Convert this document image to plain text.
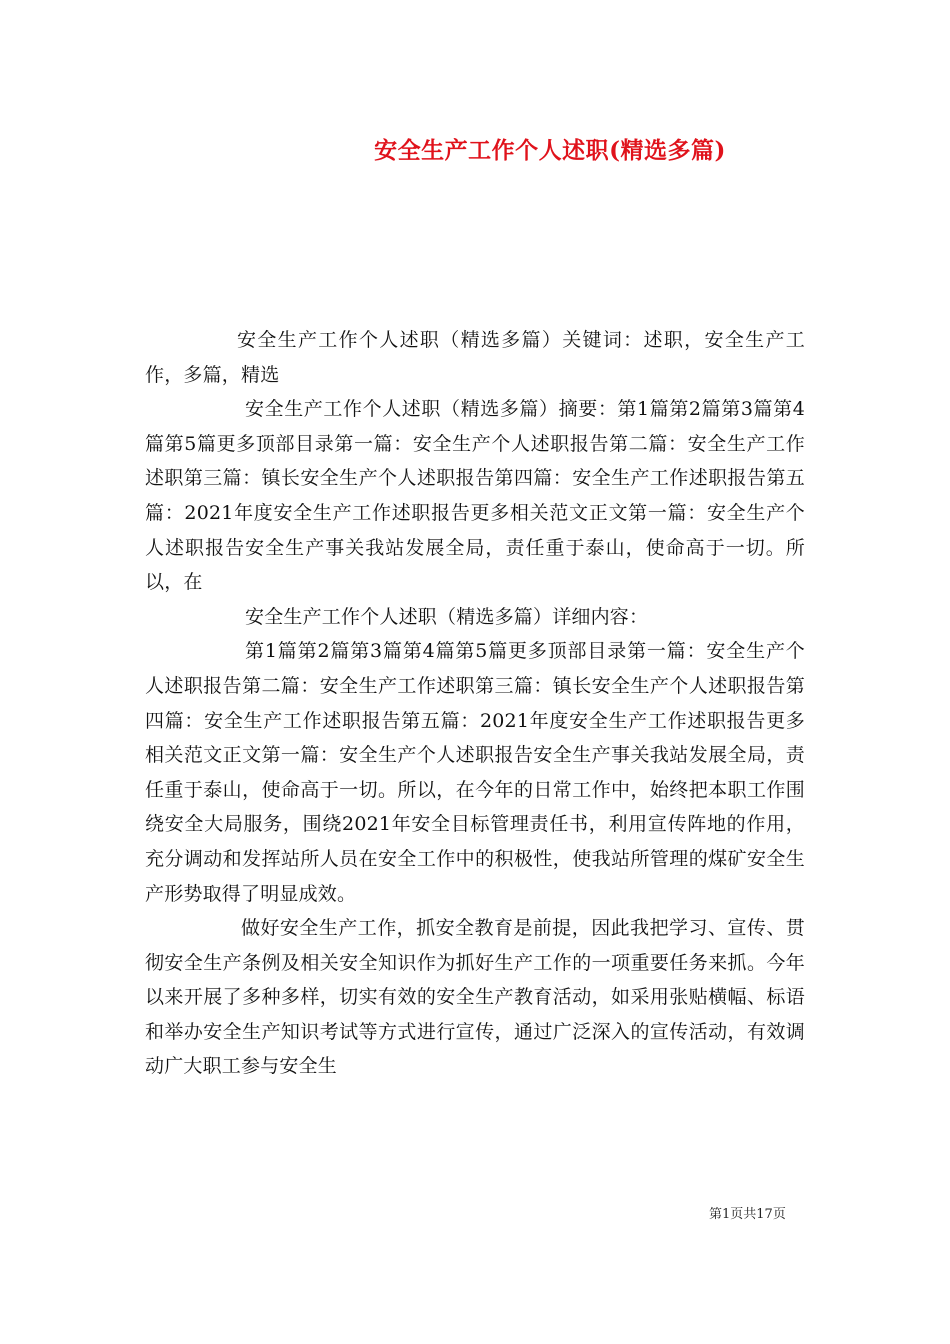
安全生产工作个人述职(精选多篇)

安全生产工作个人述职（精选多篇）关键词：述职，安全生产工作，多篇，精选

安全生产工作个人述职（精选多篇）摘要：第1篇第2篇第3篇第4篇第5篇更多顶部目录第一篇：安全生产个人述职报告第二篇：安全生产工作述职第三篇：镇长安全生产个人述职报告第四篇：安全生产工作述职报告第五篇：2021年度安全生产工作述职报告更多相关范文正文第一篇：安全生产个人述职报告安全生产事关我站发展全局，责任重于泰山，使命高于一切。所以，在

安全生产工作个人述职（精选多篇）详细内容：

第1篇第2篇第3篇第4篇第5篇更多顶部目录第一篇：安全生产个人述职报告第二篇：安全生产工作述职第三篇：镇长安全生产个人述职报告第四篇：安全生产工作述职报告第五篇：2021年度安全生产工作述职报告更多相关范文正文第一篇：安全生产个人述职报告安全生产事关我站发展全局，责任重于泰山，使命高于一切。所以，在今年的日常工作中，始终把本职工作围绕安全大局服务，围绕2021年安全目标管理责任书，利用宣传阵地的作用，充分调动和发挥站所人员在安全工作中的积极性，使我站所管理的煤矿安全生产形势取得了明显成效。

做好安全生产工作，抓安全教育是前提，因此我把学习、宣传、贯彻安全生产条例及相关安全知识作为抓好生产工作的一项重要任务来抓。今年以来开展了多种多样，切实有效的安全生产教育活动，如采用张贴横幅、标语和举办安全生产知识考试等方式进行宣传，通过广泛深入的宣传活动，有效调动广大职工参与安全生

第1页共17页
